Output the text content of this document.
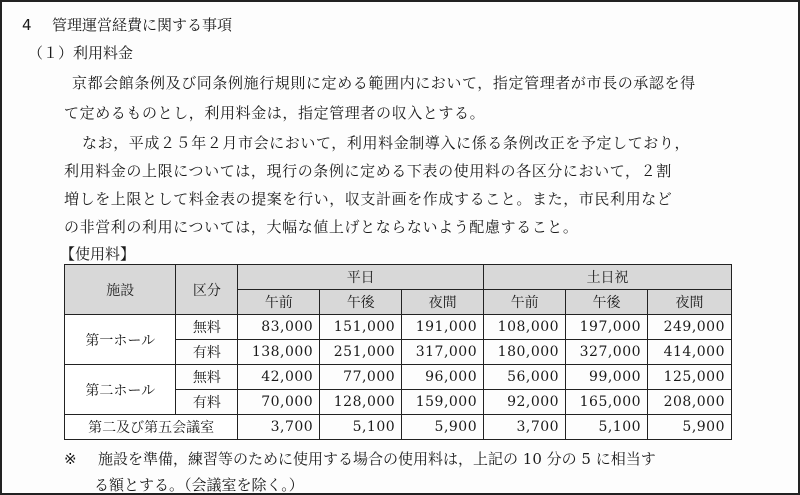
4 管理運営経費に関する事項
（１）利用料金
京都会館条例及び同条例施行規則に定める範囲内において，指定管理者が市長の承認を得
て定めるものとし，利用料金は，指定管理者の収入とする。
なお，平成２５年２月市会において，利用料金制導入に係る条例改正を予定しており，
利用料金の上限については，現行の条例に定める下表の使用料の各区分において，２割
増しを上限として料金表の提案を行い，収支計画を作成すること。また，市民利用など
の非営利の利用については，大幅な値上げとならないよう配慮すること。
【使用料】
施設	区分	平日			土日祝		
		午前	午後	夜間	午前	午後	夜間
第一ホール	無料	83,000	151,000	191,000	108,000	197,000	249,000
	有料	138,000	251,000	317,000	180,000	327,000	414,000
第二ホール	無料	42,000	77,000	96,000	56,000	99,000	125,000
	有料	70,000	128,000	159,000	92,000	165,000	208,000
第二及び第五会議室		3,700	5,100	5,900	3,700	5,100	5,900
※ 施設を準備，練習等のために使用する場合の使用料は，上記の 10 分の 5 に相当す
る額とする。（会議室を除く。）
